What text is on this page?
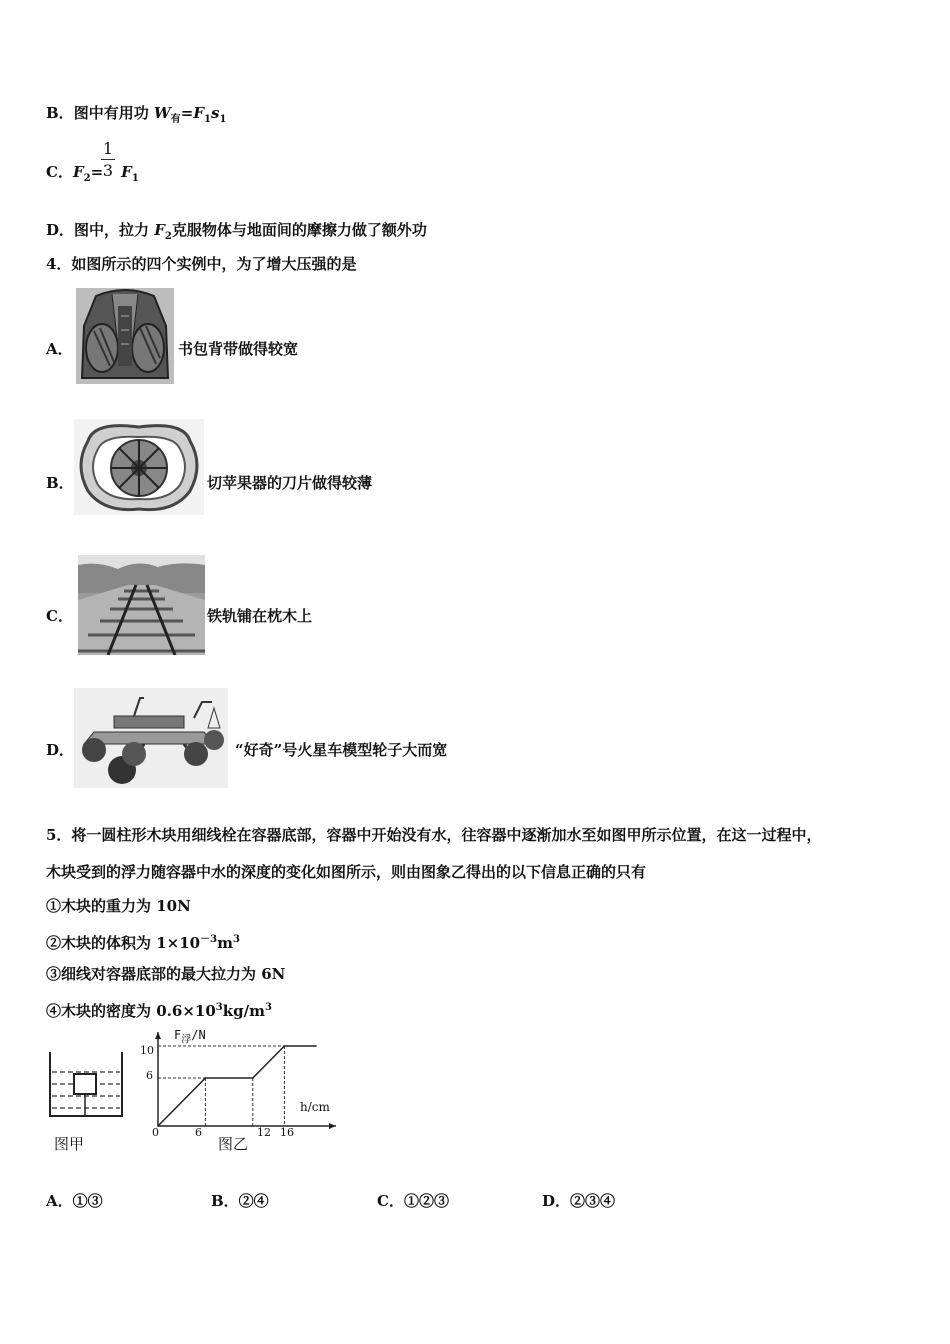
B．图中有用功 $W_有=F_1s_1$
C．$F_2= F_1$
1
3
D．图中，拉力 $F_2$克服物体与地面间的摩擦力做了额外功
4．如图所示的四个实例中，为了增大压强的是
A．	书包背带做得较宽
B．	切苹果器的刀片做得较薄
C．	铁轨铺在枕木上
D．	“好奇”号火星车模型轮子大而宽
5．将一圆柱形木块用细线栓在容器底部，容器中开始没有水，往容器中逐渐加水至如图甲所示位置，在这一过程中，
木块受到的浮力随容器中水的深度的变化如图所示，则由图象乙得出的以下信息正确的只有
①木块的重力为 10N
②木块的体积为 $1\times 10^{-3}m^3$
③细线对容器底部的最大拉力为 6N
④木块的密度为 $0.6\times 10^3kg/m^3$
图甲
$F_浮/N$
10
6
h/cm
0	6	12 16
图乙
A．①③	B．②④	C．①②③	D．②③④
